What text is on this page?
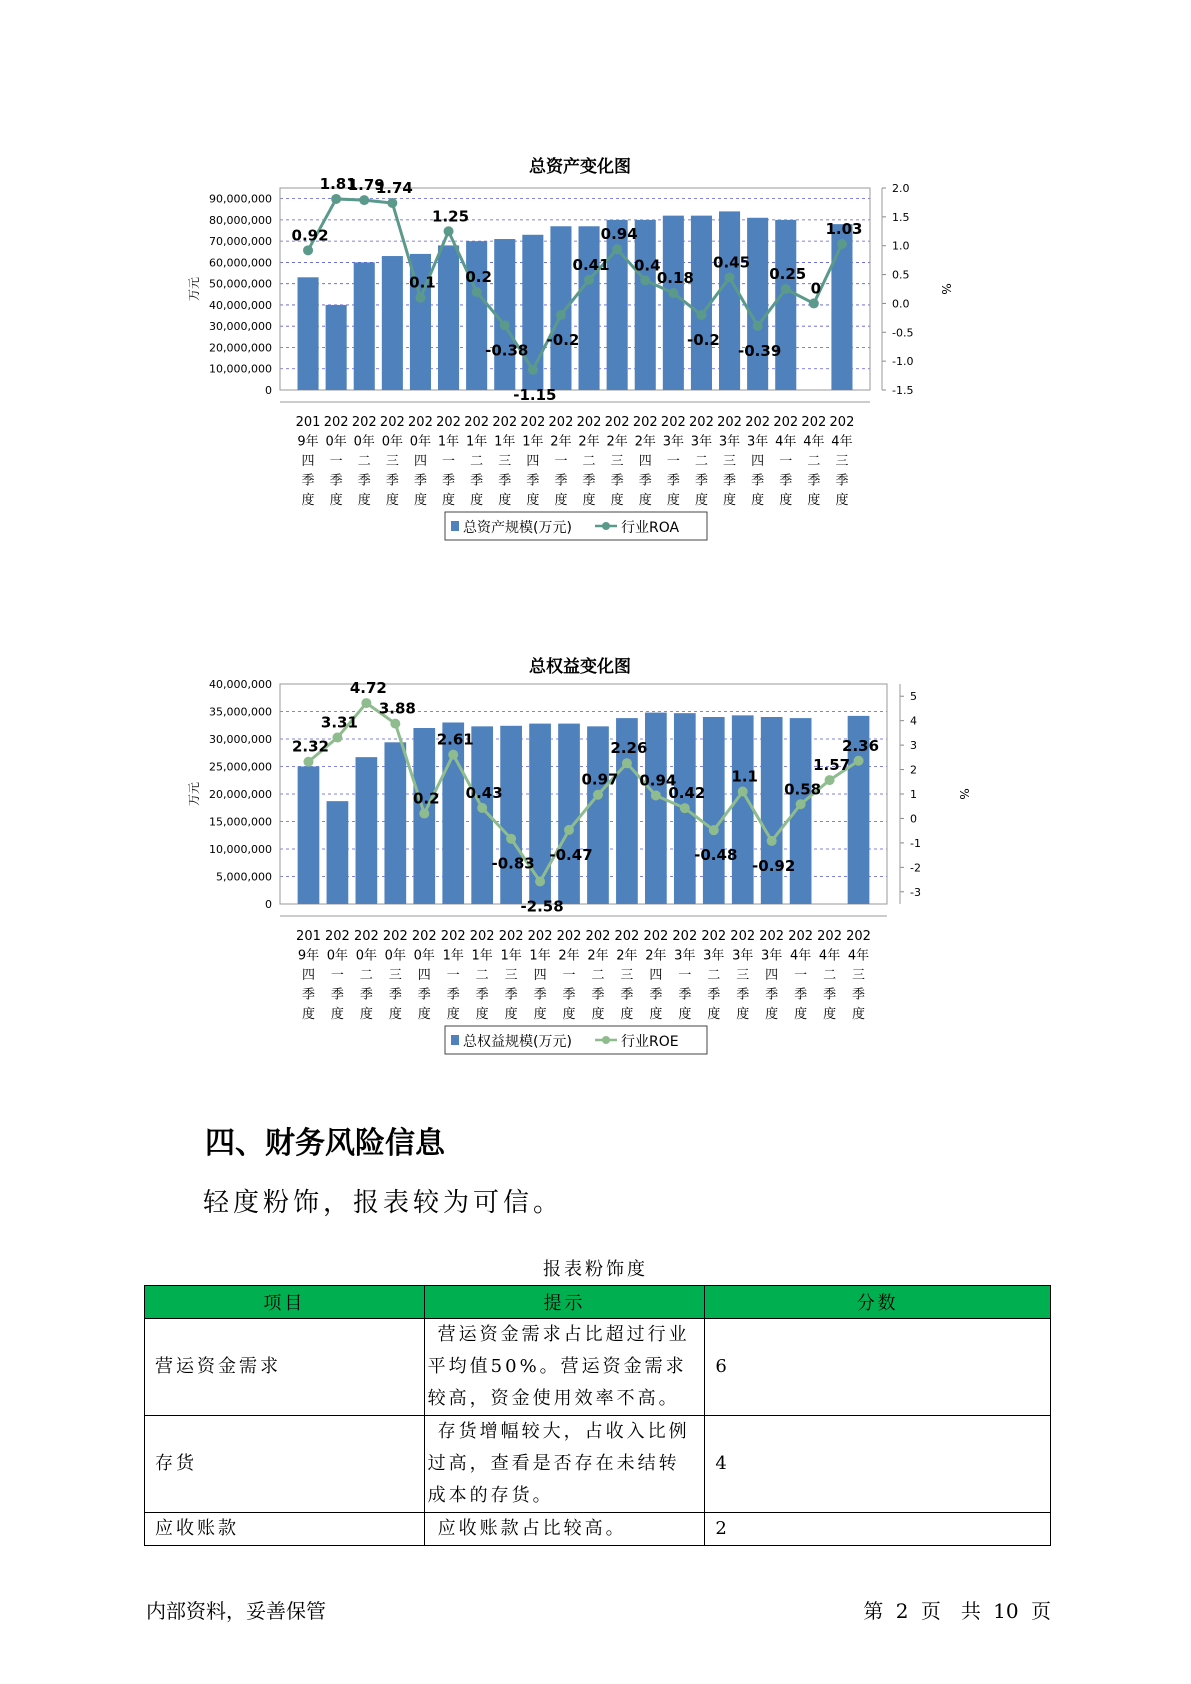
总资产变化图
0
10,000,000
20,000,000
30,000,000
40,000,000
50,000,000
60,000,000
70,000,000
80,000,000
90,000,000
-1.5
-1.0
-0.5
0.0
0.5
1.0
1.5
2.0
万元	%
0.92
1.81
1.79
1.74
0.1
1.25
0.2
-0.38
-1.15
-0.2
0.41
0.94
0.4
0.18
-0.2
0.45
-0.39
0.25
0
1.03
201
9年
四
季
度
202
0年
一
季
度
202
0年
二
季
度
202
0年
三
季
度
202
0年
四
季
度
202
1年
一
季
度
202
1年
二
季
度
202
1年
三
季
度
202
1年
四
季
度
202
2年
一
季
度
202
2年
二
季
度
202
2年
三
季
度
202
2年
四
季
度
202
3年
一
季
度
202
3年
二
季
度
202
3年
三
季
度
202
3年
四
季
度
202
4年
一
季
度
202
4年
二
季
度
202
4年
三
季
度
总资产规模(万元)	行业ROA
总权益变化图
0
5,000,000
10,000,000
15,000,000
20,000,000
25,000,000
30,000,000
35,000,000
40,000,000
-3
-2
-1
0
1
2
3
4
5
万元	%
2.32
3.31
4.72
3.88
0.2
2.61
0.43
-0.83
-2.58
-0.47
0.97
2.26
0.94
0.42
-0.48
1.1
-0.92
0.58
1.57
2.36
201
9年
四
季
度
202
0年
一
季
度
202
0年
二
季
度
202
0年
三
季
度
202
0年
四
季
度
202
1年
一
季
度
202
1年
二
季
度
202
1年
三
季
度
202
1年
四
季
度
202
2年
一
季
度
202
2年
二
季
度
202
2年
三
季
度
202
2年
四
季
度
202
3年
一
季
度
202
3年
二
季
度
202
3年
三
季
度
202
3年
四
季
度
202
4年
一
季
度
202
4年
二
季
度
202
4年
三
季
度
总权益规模(万元)	行业ROE
四、财务风险信息

轻度粉饰，报表较为可信。

报表粉饰度
项目	提示	分数
营运资金需求	营运资金需求占比超过行业平均值50%。营运资金需求较高，资金使用效率不高。	6
存货	存货增幅较大，占收入比例过高，查看是否存在未结转成本的存货。	4
应收账款	应收账款占比较高。	2
内部资料，妥善保管	第 2 页　共 10 页
